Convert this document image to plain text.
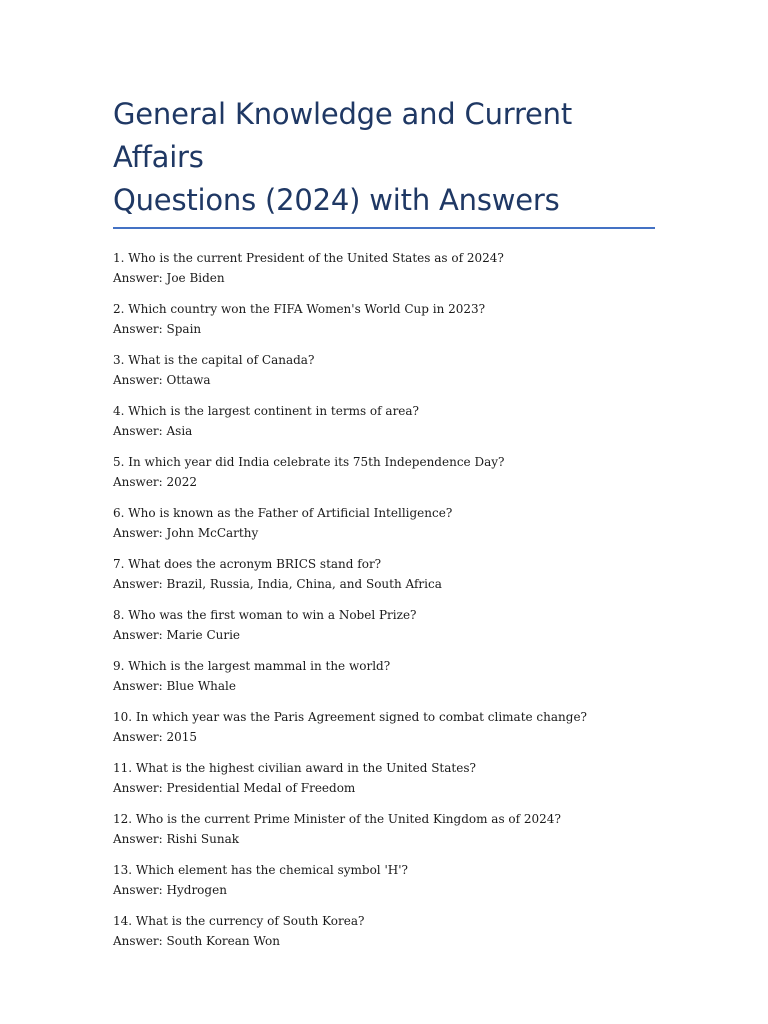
General Knowledge and Current Affairs
Questions (2024) with Answers

1. Who is the current President of the United States as of 2024?

Answer: Joe Biden

2. Which country won the FIFA Women's World Cup in 2023?

Answer: Spain

3. What is the capital of Canada?

Answer: Ottawa

4. Which is the largest continent in terms of area?

Answer: Asia

5. In which year did India celebrate its 75th Independence Day?

Answer: 2022

6. Who is known as the Father of Artificial Intelligence?

Answer: John McCarthy

7. What does the acronym BRICS stand for?

Answer: Brazil, Russia, India, China, and South Africa

8. Who was the first woman to win a Nobel Prize?

Answer: Marie Curie

9. Which is the largest mammal in the world?

Answer: Blue Whale

10. In which year was the Paris Agreement signed to combat climate change?

Answer: 2015

11. What is the highest civilian award in the United States?

Answer: Presidential Medal of Freedom

12. Who is the current Prime Minister of the United Kingdom as of 2024?

Answer: Rishi Sunak

13. Which element has the chemical symbol 'H'?

Answer: Hydrogen

14. What is the currency of South Korea?

Answer: South Korean Won
